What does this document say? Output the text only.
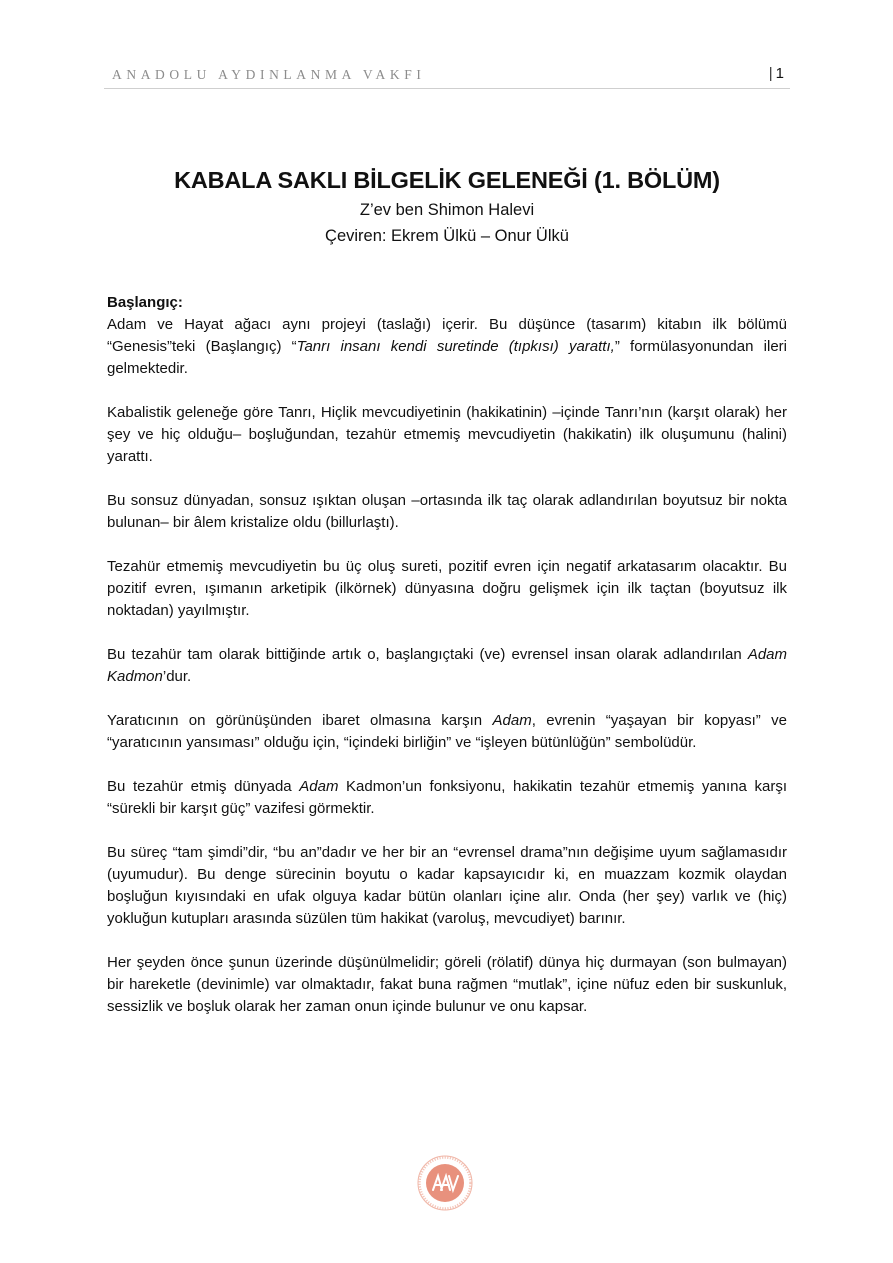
ANADOLU AYDINLANMA VAKFI	| 1
KABALA SAKLI BİLGELİK GELENEĞİ (1. BÖLÜM)

Z’ev ben Shimon Halevi

Çeviren: Ekrem Ülkü – Onur Ülkü

Başlangıç:

Adam ve Hayat ağacı aynı projeyi (taslağı) içerir. Bu düşünce (tasarım) kitabın ilk bölümü “Genesis”teki (Başlangıç) “Tanrı insanı kendi suretinde (tıpkısı) yarattı,” formülasyonundan ileri gelmektedir.

Kabalistik geleneğe göre Tanrı, Hiçlik mevcudiyetinin (hakikatinin) –içinde Tanrı’nın (karşıt olarak) her şey ve hiç olduğu– boşluğundan, tezahür etmemiş mevcudiyetin (hakikatin) ilk oluşumunu (halini) yarattı.

Bu sonsuz dünyadan, sonsuz ışıktan oluşan –ortasında ilk taç olarak adlandırılan boyutsuz bir nokta bulunan– bir âlem kristalize oldu (billurlaştı).

Tezahür etmemiş mevcudiyetin bu üç oluş sureti, pozitif evren için negatif arkatasarım olacaktır. Bu pozitif evren, ışımanın arketipik (ilkörnek) dünyasına doğru gelişmek için ilk taçtan (boyutsuz ilk noktadan) yayılmıştır.

Bu tezahür tam olarak bittiğinde artık o, başlangıçtaki (ve) evrensel insan olarak adlandırılan Adam Kadmon’dur.

Yaratıcının on görünüşünden ibaret olmasına karşın Adam, evrenin “yaşayan bir kopyası” ve “yaratıcının yansıması” olduğu için, “içindeki birliğin” ve “işleyen bütünlüğün” sembolüdür.

Bu tezahür etmiş dünyada Adam Kadmon’un fonksiyonu, hakikatin tezahür etmemiş yanına karşı “sürekli bir karşıt güç” vazifesi görmektir.

Bu süreç “tam şimdi”dir, “bu an”dadır ve her bir an “evrensel drama”nın değişime uyum sağlamasıdır (uyumudur). Bu denge sürecinin boyutu o kadar kapsayıcıdır ki, en muazzam kozmik olaydan boşluğun kıyısındaki en ufak olguya kadar bütün olanları içine alır. Onda (her şey) varlık ve (hiç) yokluğun kutupları arasında süzülen tüm hakikat (varoluş, mevcudiyet) barınır.

Her şeyden önce şunun üzerinde düşünülmelidir; göreli (rölatif) dünya hiç durmayan (son bulmayan) bir hareketle (devinimle) var olmaktadır, fakat buna rağmen “mutlak”, içine nüfuz eden bir suskunluk, sessizlik ve boşluk olarak her zaman onun içinde bulunur ve onu kapsar.
